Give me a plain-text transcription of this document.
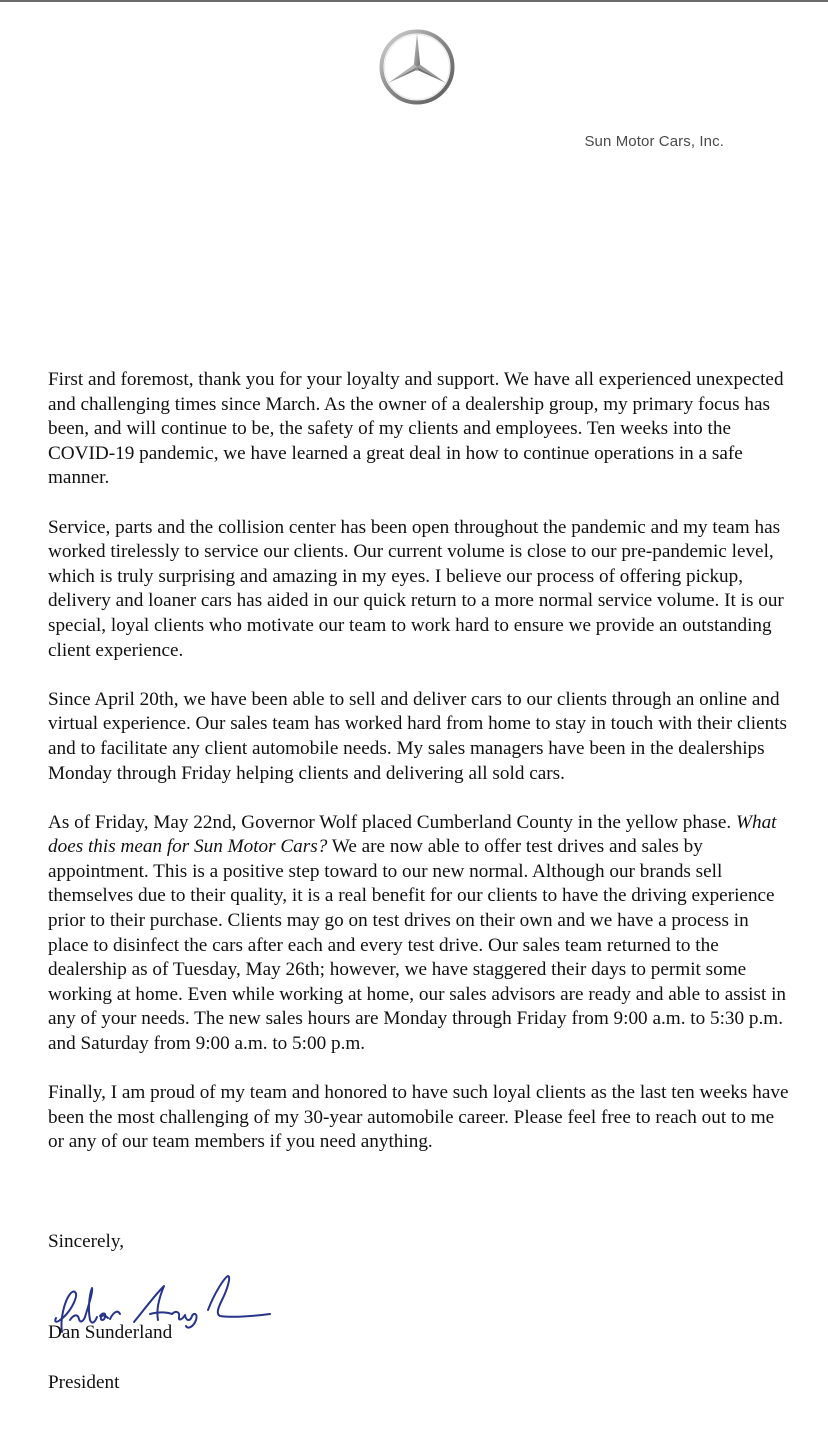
Sun Motor Cars, Inc.

First and foremost, thank you for your loyalty and support. We have all experienced unexpected and challenging times since March. As the owner of a dealership group, my primary focus has been, and will continue to be, the safety of my clients and employees. Ten weeks into the COVID-19 pandemic, we have learned a great deal in how to continue operations in a safe manner.

Service, parts and the collision center has been open throughout the pandemic and my team has worked tirelessly to service our clients. Our current volume is close to our pre-pandemic level, which is truly surprising and amazing in my eyes. I believe our process of offering pickup, delivery and loaner cars has aided in our quick return to a more normal service volume. It is our special, loyal clients who motivate our team to work hard to ensure we provide an outstanding client experience.

Since April 20th, we have been able to sell and deliver cars to our clients through an online and virtual experience. Our sales team has worked hard from home to stay in touch with their clients and to facilitate any client automobile needs. My sales managers have been in the dealerships Monday through Friday helping clients and delivering all sold cars.

As of Friday, May 22nd, Governor Wolf placed Cumberland County in the yellow phase. What does this mean for Sun Motor Cars? We are now able to offer test drives and sales by appointment. This is a positive step toward to our new normal. Although our brands sell themselves due to their quality, it is a real benefit for our clients to have the driving experience prior to their purchase. Clients may go on test drives on their own and we have a process in place to disinfect the cars after each and every test drive. Our sales team returned to the dealership as of Tuesday, May 26th; however, we have staggered their days to permit some working at home. Even while working at home, our sales advisors are ready and able to assist in any of your needs. The new sales hours are Monday through Friday from 9:00 a.m. to 5:30 p.m. and Saturday from 9:00 a.m. to 5:00 p.m.

Finally, I am proud of my team and honored to have such loyal clients as the last ten weeks have been the most challenging of my 30-year automobile career. Please feel free to reach out to me or any of our team members if you need anything.

Sincerely,
Dan Sunderland
President
